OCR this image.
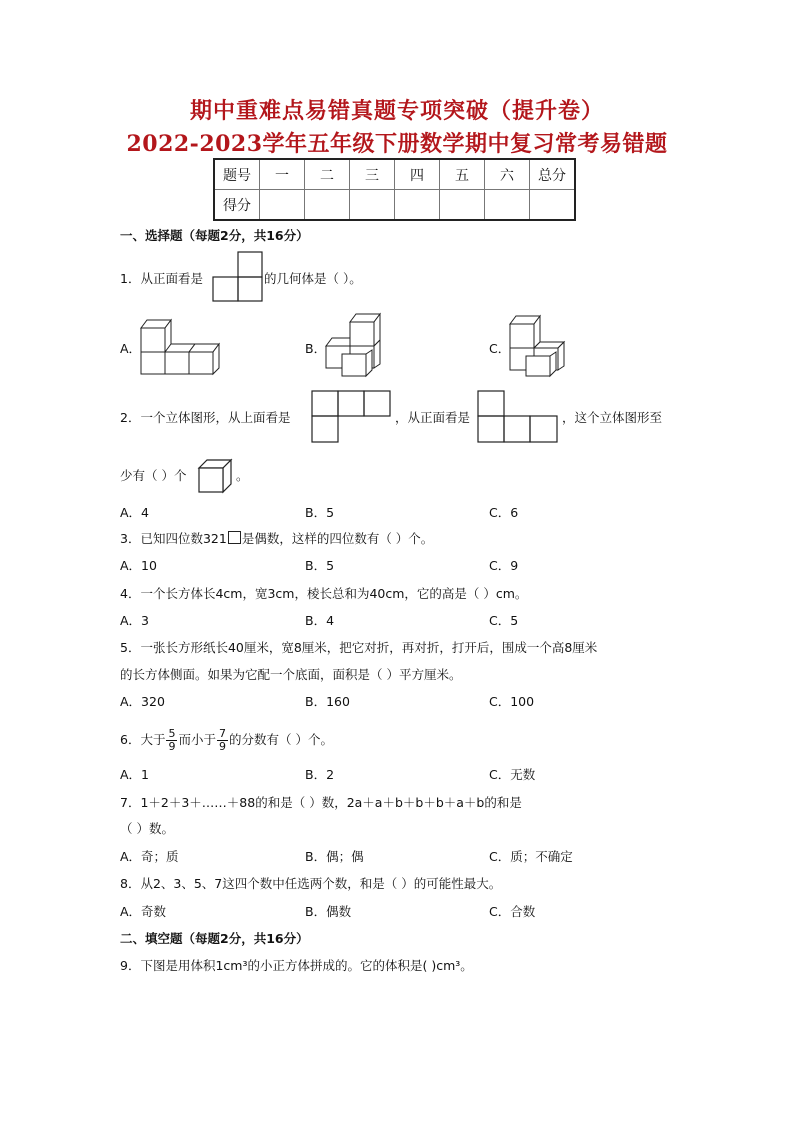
期中重难点易错真题专项突破（提升卷）
2022-2023学年五年级下册数学期中复习常考易错题
题号	一	二	三	四	五	六	总分
得分							
一、选择题（每题2分，共16分）
1．从正面看是	的几何体是（ ）。
A．	B．	C．
2．一个立体图形，从上面看是	，从正面看是	，这个立体图形至
少有（ ）个	。
A．4	B．5	C．6
3．已知四位数321 是偶数，这样的四位数有（ ）个。
A．10	B．5	C．9
4．一个长方体长4cm，宽3cm，棱长总和为40cm，它的高是（ ）cm。
A．3	B．4	C．5
5．一张长方形纸长40厘米，宽8厘米，把它对折，再对折，打开后，围成一个高8厘米
的长方体侧面。如果为它配一个底面，面积是（ ）平方厘米。
A．320	B．160	C．100
6．大于 $\frac{5}{9}$ 而小于 $\frac{7}{9}$ 的分数有（ ）个。
A．1	B．2	C．无数
7．1＋2＋3＋……＋88的和是（ ）数，2a＋a＋b＋b＋b＋a＋b的和是
（ ）数。
A．奇；质	B．偶；偶	C．质；不确定
8．从2、3、5、7这四个数中任选两个数，和是（ ）的可能性最大。
A．奇数	B．偶数	C．合数
二、填空题（每题2分，共16分）
9．下图是用体积1cm³的小正方体拼成的。它的体积是( )cm³。
